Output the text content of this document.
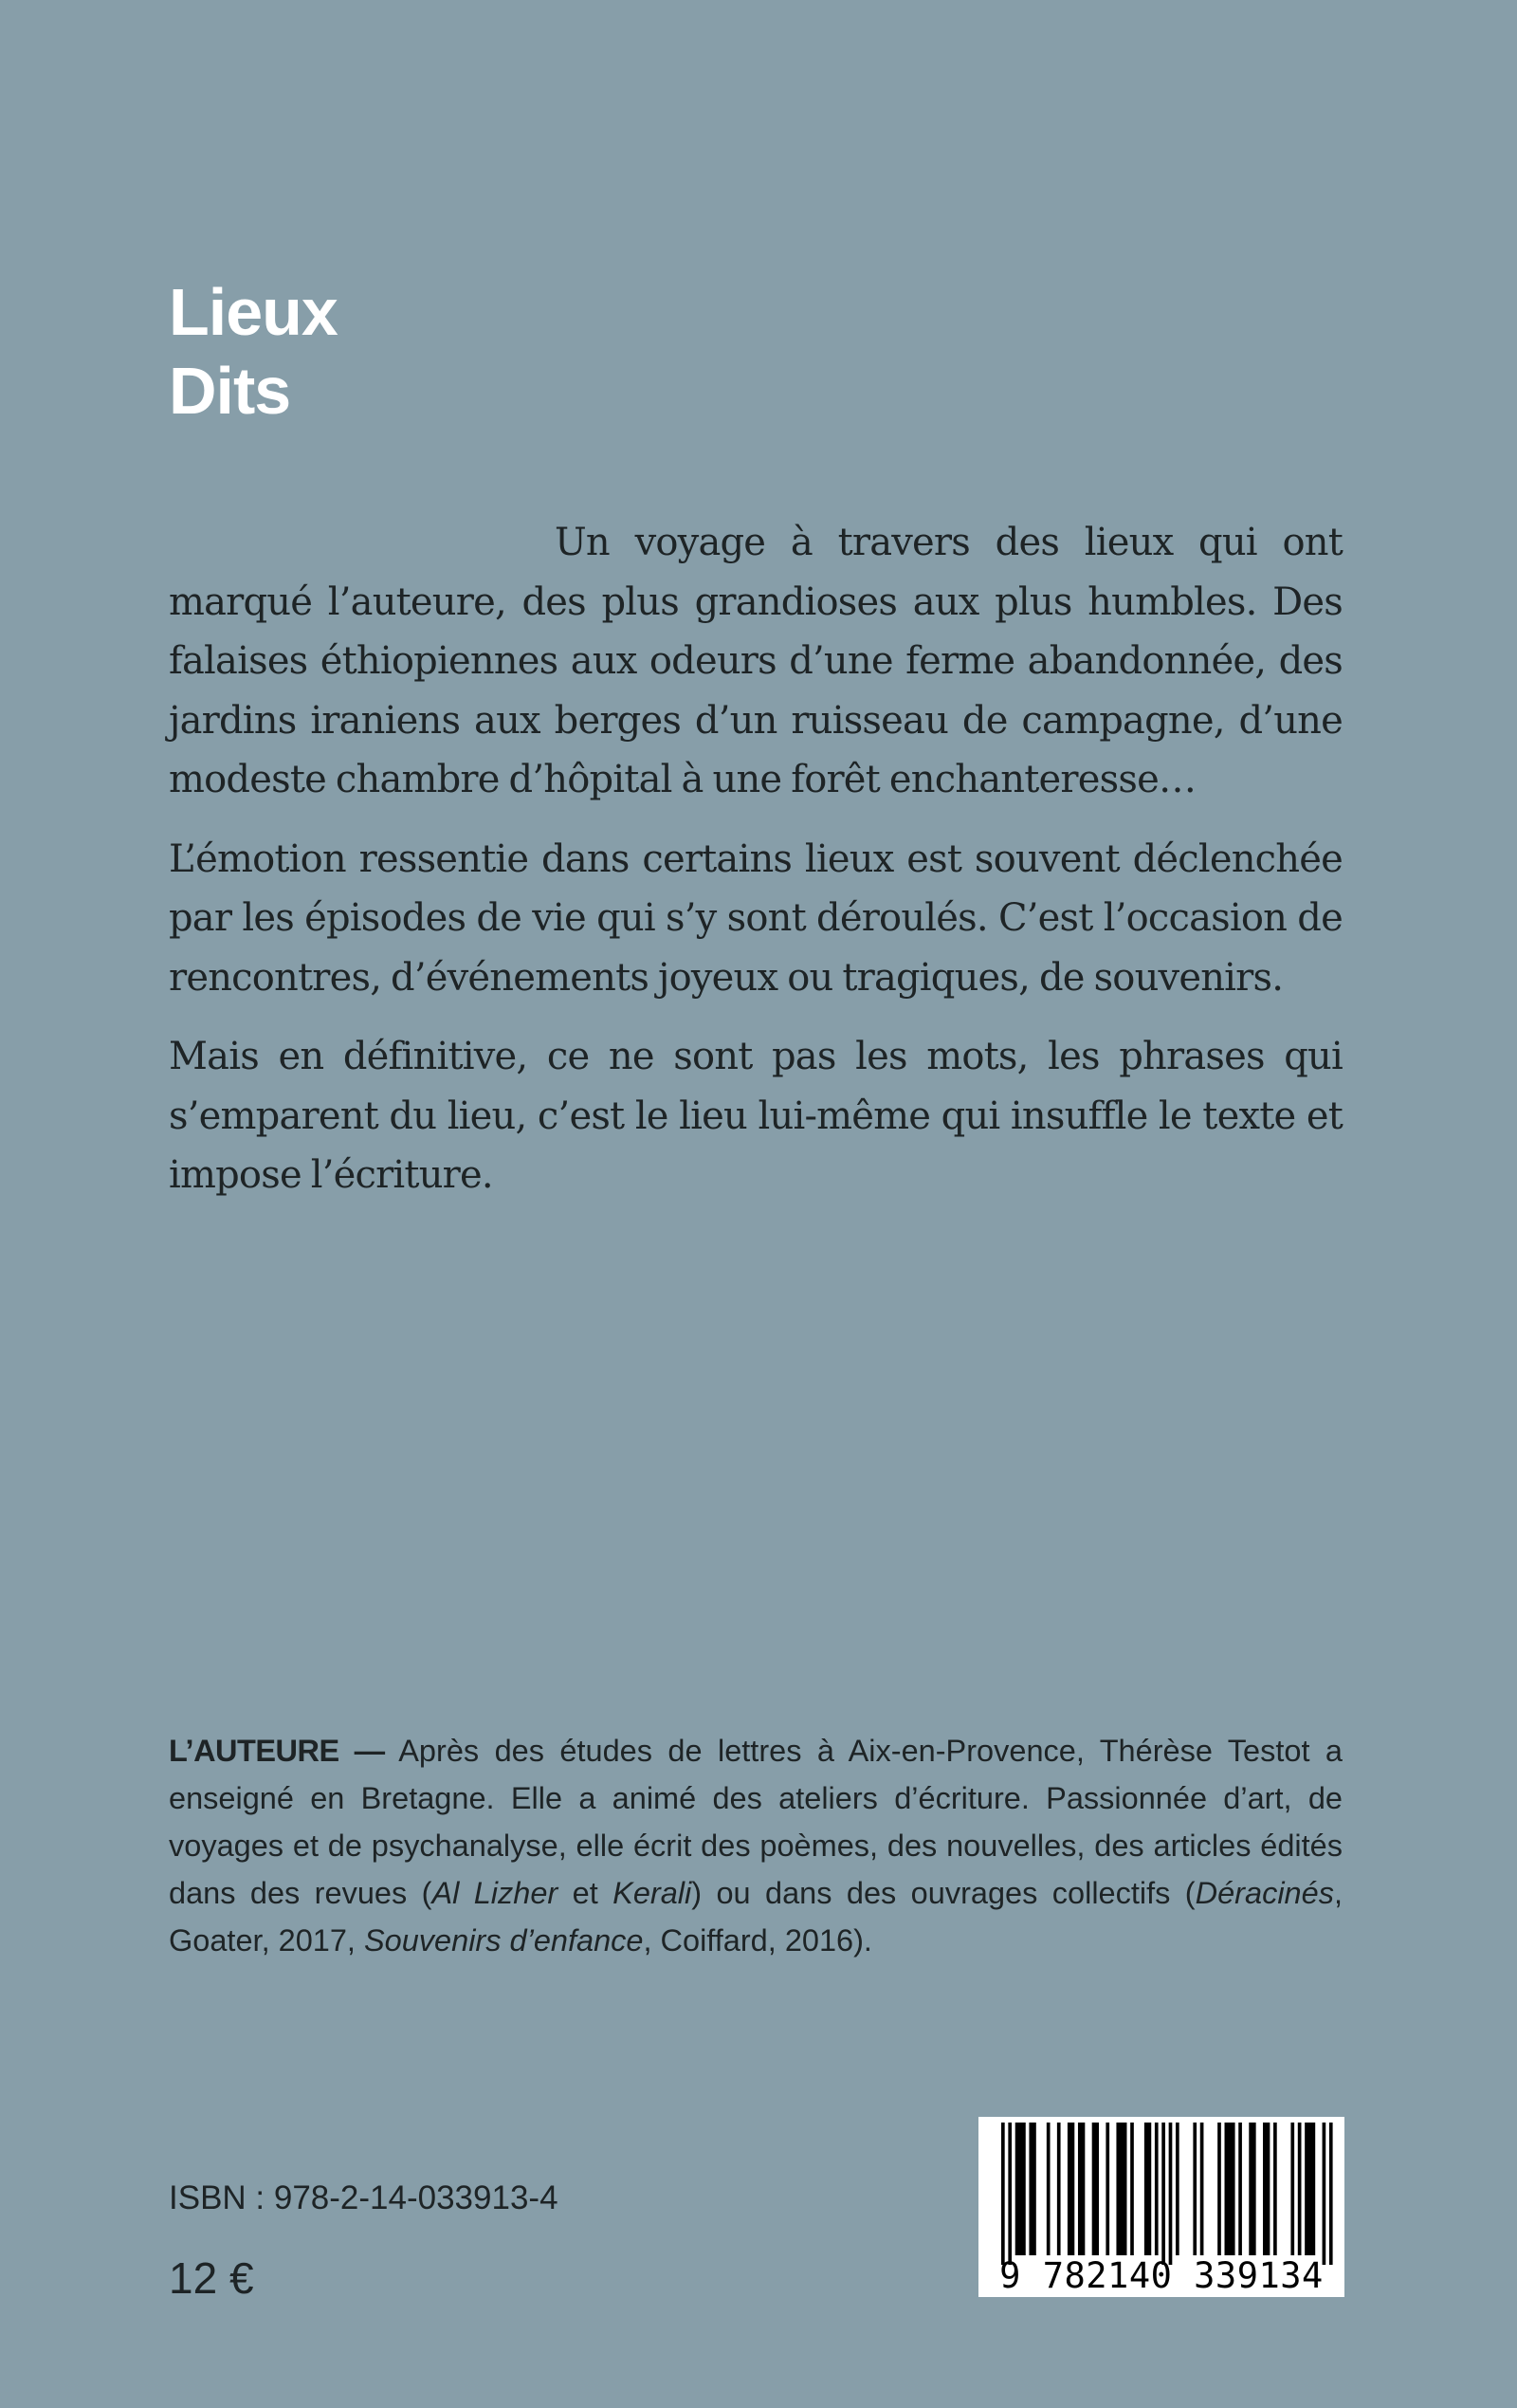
Lieux
Dits

Un voyage à travers des lieux qui ont marqué l’auteure, des plus grandioses aux plus humbles. Des falaises éthiopiennes aux odeurs d’une ferme abandonnée, des jardins iraniens aux berges d’un ruisseau de campagne, d’une modeste chambre d’hôpital à une forêt enchanteresse…

L’émotion ressentie dans certains lieux est souvent déclenchée par les épisodes de vie qui s’y sont déroulés. C’est l’occasion de rencontres, d’événements joyeux ou tragiques, de souvenirs.

Mais en définitive, ce ne sont pas les mots, les phrases qui s’emparent du lieu, c’est le lieu lui-même qui insuffle le texte et impose l’écriture.

L’AUTEURE — Après des études de lettres à Aix-en-Provence, Thérèse Testot a enseigné en Bretagne. Elle a animé des ateliers d’écriture. Passionnée d’art, de voyages et de psychanalyse, elle écrit des poèmes, des nouvelles, des articles édités dans des revues (Al Lizher et Kerali) ou dans des ouvrages collectifs (Déracinés, Goater, 2017, Souvenirs d’enfance, Coiffard, 2016).

ISBN : 978-2-14-033913-4
12 €	9 782140 339134
